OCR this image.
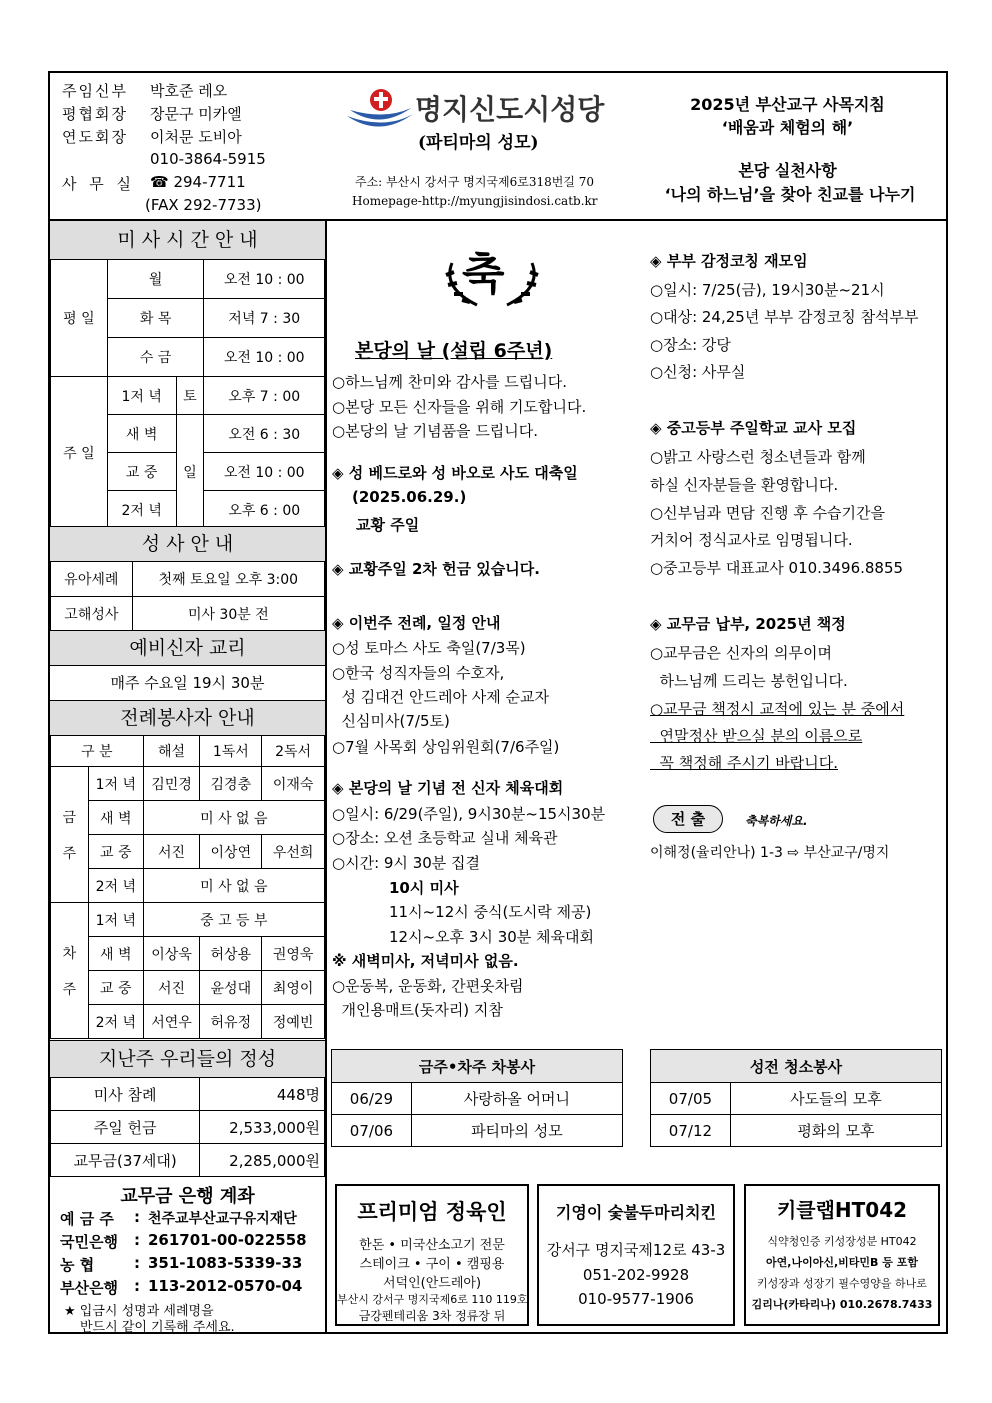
주임신부 박호준 레오
평협회장 장문구 미카엘
연도회장 이처문 도비아
010-3864-5915
사 무 실 ☎ 294-7711
(FAX 292-7733)
명지신도시성당
(파티마의 성모)
주소: 부산시 강서구 명지국제6로318번길 70
Homepage-http://myungjisindosi.catb.kr
2025년 부산교구 사목지침
‘배움과 체험의 해’
본당 실천사항
‘나의 하느님’을 찾아 친교를 나누기
미 사 시 간 안 내
평 일	월		오전 10 : 00
	화 목		저녁 7 : 30
	수 금		오전 10 : 00
주 일	1저 녁	토	오후 7 : 00
	새 벽	일	오전 6 : 30
	교 중		오전 10 : 00
	2저 녁		오후 6 : 00
성 사 안 내
유아세례	첫째 토요일 오후 3:00
고해성사	미사 30분 전
예비신자 교리
매주 수요일 19시 30분
전례봉사자 안내
구 분		해설	1독서	2독서
금

주	1저 녁	김민경	김경충	이재숙
	새 벽	미 사 없 음		
	교 중	서진	이상연	우선희
	2저 녁	미 사 없 음		
차

주	1저 녁	중 고 등 부		
	새 벽	이상욱	허상용	권영욱
	교 중	서진	윤성대	최영이
	2저 녁	서연우	허유정	정예빈
지난주 우리들의 정성
미사 참례	448명
주일 헌금	2,533,000원
교무금(37세대)	2,285,000원
교무금 은행 계좌
예 금 주 : 천주교부산교구유지재단
국민은행 : 261701-00-022558
농 협	: 351-1083-5339-33
부산은행 : 113-2012-0570-04
★ 입금시 성명과 세례명을
반드시 같이 기록해 주세요.
축
본당의 날 (설립 6주년)
○하느님께 찬미와 감사를 드립니다.
○본당 모든 신자들을 위해 기도합니다.
○본당의 날 기념품을 드립니다.
◈ 성 베드로와 성 바오로 사도 대축일
(2025.06.29.)
교황 주일
◈ 교황주일 2차 헌금 있습니다.
◈ 이번주 전례, 일정 안내
○성 토마스 사도 축일(7/3목)
○한국 성직자들의 수호자,
성 김대건 안드레아 사제 순교자
신심미사(7/5토)
○7월 사목회 상임위원회(7/6주일)
◈ 본당의 날 기념 전 신자 체육대회
○일시: 6/29(주일), 9시30분~15시30분
○장소: 오션 초등학교 실내 체육관
○시간: 9시 30분 집결
10시 미사
11시~12시 중식(도시락 제공)
12시~오후 3시 30분 체육대회
※ 새벽미사, 저녁미사 없음.
○운동복, 운동화, 간편옷차림
개인용매트(돗자리) 지참
◈ 부부 감정코칭 재모임
○일시: 7/25(금), 19시30분~21시
○대상: 24,25년 부부 감정코칭 참석부부
○장소: 강당
○신청: 사무실
◈ 중고등부 주일학교 교사 모집
○밝고 사랑스런 청소년들과 함께
하실 신자분들을 환영합니다.
○신부님과 면담 진행 후 수습기간을
거치어 정식교사로 임명됩니다.
○중고등부 대표교사 010.3496.8855
◈ 교무금 납부, 2025년 책정
○교무금은 신자의 의무이며
하느님께 드리는 봉헌입니다.
○교무금 책정시 교적에 있는 분 중에서
연말정산 받으실 분의 이름으로
꼭 책정해 주시기 바랍니다.
전 출	축복하세요.
이해정(율리안나) 1-3 ⇨ 부산교구/명지
금주•차주 차봉사	
06/29	사랑하올 어머니
07/06	파티마의 성모
성전 청소봉사	
07/05	사도들의 모후
07/12	평화의 모후
프리미엄 정육인
한돈 • 미국산소고기 전문
스테이크 • 구이 • 캠핑용
서덕인(안드레아)
부산시 강서구 명지국제6로 110 119호
금강펜테리움 3차 정류장 뒤
기영이 숯불두마리치킨
강서구 명지국제12로 43-3
051-202-9928
010-9577-1906
키클랩HT042
식약청인증 키성장성분 HT042
아연,나이아신,비타민B 등 포함
키성장과 성장기 필수영양을 하나로
김리나(카타리나) 010.2678.7433
